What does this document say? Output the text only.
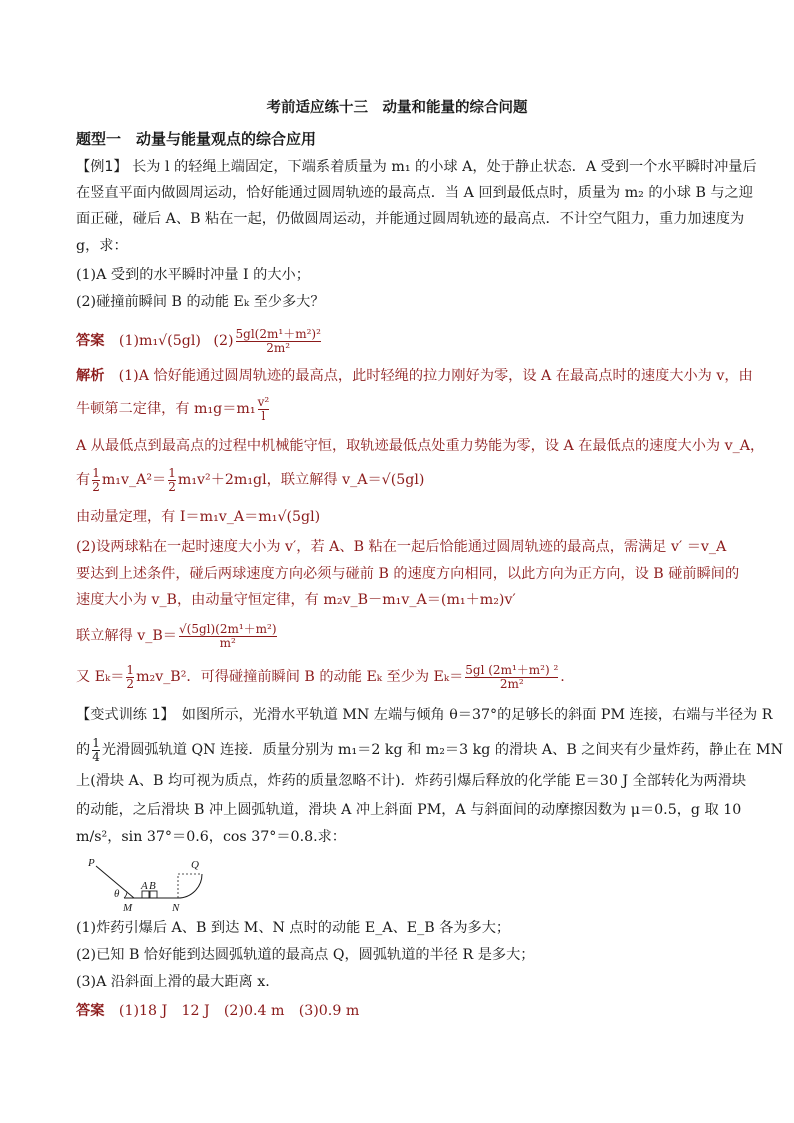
考前适应练十三　动量和能量的综合问题
题型一　动量与能量观点的综合应用
【例1】 长为 l 的轻绳上端固定，下端系着质量为 m₁ 的小球 A，处于静止状态．A 受到一个水平瞬时冲量后
在竖直平面内做圆周运动，恰好能通过圆周轨迹的最高点．当 A 回到最低点时，质量为 m₂ 的小球 B 与之迎
面正碰，碰后 A、B 粘在一起，仍做圆周运动，并能通过圆周轨迹的最高点．不计空气阻力，重力加速度为
g，求：
(1)A 受到的水平瞬时冲量 I 的大小；
(2)碰撞前瞬间 B 的动能 Eₖ 至少多大？
答案 (1)m₁√(5gl) $(2) \frac{\text{5gl(2m¹＋m²)²}}{\text{2m²}}$
解析　 (1)A 恰好能通过圆周轨迹的最高点，此时轻绳的拉力刚好为零，设 A 在最高点时的速度大小为 v，由
牛顿第二定律，有 $m_1g=m_1 \frac{\text{v²}}{l}$
A 从最低点到最高点的过程中机械能守恒，取轨迹最低点处重力势能为零，设 A 在最低点的速度大小为 v_A，
有 $\frac{1}{2}$ m₁v_A²＝ $\frac{1}{2} m_1v^2+2m_1gl$，联立解得 v_A＝√(5gl)
由动量定理，有 I＝m₁v_A＝m₁√(5gl)
(2)设两球粘在一起时速度大小为 v′，若 A、B 粘在一起后恰能通过圆周轨迹的最高点，需满足 v′ ＝v_A
要达到上述条件，碰后两球速度方向必须与碰前 B 的速度方向相同，以此方向为正方向，设 B 碰前瞬间的
速度大小为 v_B，由动量守恒定律，有 m₂v_B－m₁v_A＝(m₁＋m₂)v′
联立解得 v_B＝ $\frac{\text{√(5gl)(2m¹＋m²)}}{\text{m²}}$
又 $E_k= \frac{1}{2}$ m₂v_B²．可得碰撞前瞬间 B 的动能 Eₖ 至少为 $E_k= \frac{\text{5gl (2m¹＋m²) ²}}{\text{2m²}}$ .
【变式训练 1】　 如图所示，光滑水平轨道 MN 左端与倾角 θ＝37°的足够长的斜面 PM 连接，右端与半径为 R
的 $\frac{1}{4}$ 光滑圆弧轨道 QN 连接．质量分别为 m₁＝2 kg 和 m₂＝3 kg 的滑块 A、B 之间夹有少量炸药，静止在 MN
上(滑块 A、B 均可视为质点，炸药的质量忽略不计)．炸药引爆后释放的化学能 E＝30 J 全部转化为两滑块
的动能，之后滑块 B 冲上圆弧轨道，滑块 A 冲上斜面 PM，A 与斜面间的动摩擦因数为 μ＝0.5，g 取 10
m/s²，sin 37°＝0.6，cos 37°＝0.8.求：
P	Q
M	N
A B
θ
(1)炸药引爆后 A、B 到达 M、N 点时的动能 E_A、E_B 各为多大；
(2)已知 B 恰好能到达圆弧轨道的最高点 Q，圆弧轨道的半径 R 是多大；
(3)A 沿斜面上滑的最大距离 x.
答案 (1)18 J　12 J　(2)0.4 m　(3)0.9 m
